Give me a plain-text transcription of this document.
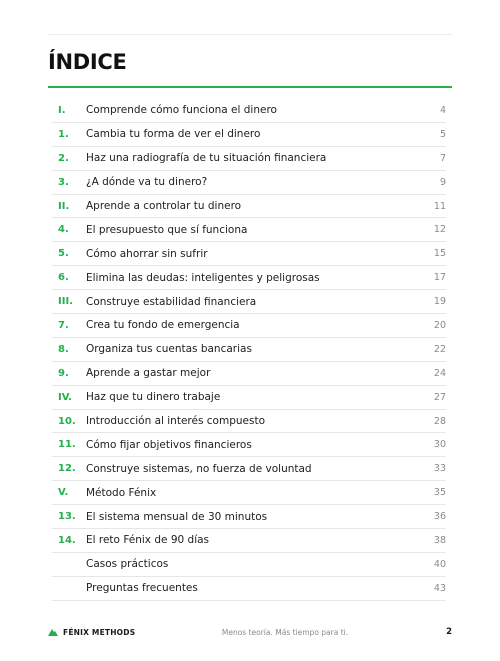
ÍNDICE
I.	Comprende cómo funciona el dinero	4
1.	Cambia tu forma de ver el dinero	5
2.	Haz una radiografía de tu situación financiera	7
3.	¿A dónde va tu dinero?	9
II.	Aprende a controlar tu dinero	11
4.	El presupuesto que sí funciona	12
5.	Cómo ahorrar sin sufrir	15
6.	Elimina las deudas: inteligentes y peligrosas	17
III.	Construye estabilidad financiera	19
7.	Crea tu fondo de emergencia	20
8.	Organiza tus cuentas bancarias	22
9.	Aprende a gastar mejor	24
IV.	Haz que tu dinero trabaje	27
10. Introducción al interés compuesto	28
11. Cómo fijar objetivos financieros	30
12. Construye sistemas, no fuerza de voluntad	33
V.	Método Fénix	35
13. El sistema mensual de 30 minutos	36
14. El reto Fénix de 90 días	38
Casos prácticos	40
Preguntas frecuentes	43
FÉNIX METHODS	Menos teoría. Más tiempo para ti.	2
